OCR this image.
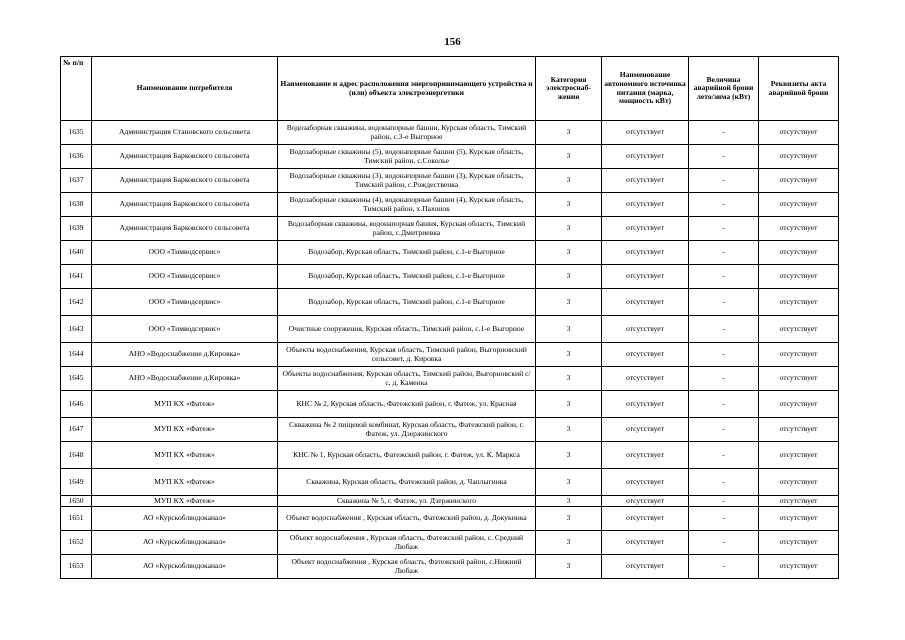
156
№ п/п	Наименование потребителя	Наименование и адрес расположения энергопринимающего устройства и (или) объекта электроэнергетики	Категория электроснаб-жения	Наименование автономного источника питания (марка, мощность кВт)	Величина аварийной брони лето/зима (кВт)	Реквизиты акта аварийной брони
1635	Администрация Становского сельсовета	Водозаборная скважина, водонапорные башни, Курская область, Тимский район, с.3-е Выгорное	3	отсутствует	-	отсутствует
1636	Администрация Барковского сельсовета	Водозаборные скважины (5), водонапорные башни (5), Курская область, Тимский район, с.Сокольe	3	отсутствует	-	отсутствует
1637	Администрация Барковского сельсовета	Водозаборные скважины (3), водонапорные башни (3), Курская область, Тимский район, с.Рождественка	3	отсутствует	-	отсутствует
1638	Администрация Барковского сельсовета	Водозаборные скважины (4), водонапорные башни (4), Курская область, Тимский район, х.Пахонок	3	отсутствует	-	отсутствует
1639	Администрация Барковского сельсовета	Водозаборная скважина, водонапорная башня, Курская область, Тимский район, с.Дмитриевка	3	отсутствует	-	отсутствует
1640	ООО «Тимводсервис»	Водозабор, Курская область, Тимский район, с.1-е Выгорное	3	отсутствует	-	отсутствует
1641	ООО «Тимводсервис»	Водозабор, Курская область, Тимский район, с.1-е Выгорное	3	отсутствует	-	отсутствует
1642	ООО «Тимводсервис»	Водозабор, Курская область, Тимский район, с.1-е Выгорное	3	отсутствует	-	отсутствует
1643	ООО «Тимводсервис»	Очистные сооружения, Курская область, Тимский район, с.1-е Выгорное	3	отсутствует	-	отсутствует
1644	АНО «Водоснабжение д.Кировка»	Объекты водоснабжения, Курская область, Тимский район, Выгорновский сельсовет, д. Кировка	3	отсутствует	-	отсутствует
1645	АНО «Водоснабжение д.Кировка»	Объекты водоснабжения, Курская область, Тимский район, Выгорновский с/с, д. Каменка	3	отсутствует	-	отсутствует
1646	МУП КХ «Фатеж»	КНС № 2, Курская область, Фатежский район, г. Фатеж, ул. Красная	3	отсутствует	-	отсутствует
1647	МУП КХ «Фатеж»	Скважина № 2 пищевой комбинат, Курская область, Фатежский район, г. Фатеж, ул. Дзержинского	3	отсутствует	-	отсутствует
1648	МУП КХ «Фатеж»	КНС № 1, Курская область, Фатежский район, г. Фатеж, ул. К. Маркса	3	отсутствует	-	отсутствует
1649	МУП КХ «Фатеж»	Скважина, Курская область, Фатежский район, д. Чаплыгинка	3	отсутствует	-	отсутствует
1650	МУП КХ «Фатеж»	Скважина № 5, г. Фатеж, ул. Дзержинского	3	отсутствует	-	отсутствует
1651	АО «Курскоблводоканал»	Объект водоснабжения , Курская область, Фатежский район, д. Докукинка	3	отсутствует	-	отсутствует
1652	АО «Курскоблводоканал»	Объект водоснабжения , Курская область, Фатежский район, с. Средний Любаж	3	отсутствует	-	отсутствует
1653	АО «Курскоблводоканал»	Объект водоснабжения , Курская область, Фатежский район, с.Нижний Любаж	3	отсутствует	-	отсутствует
